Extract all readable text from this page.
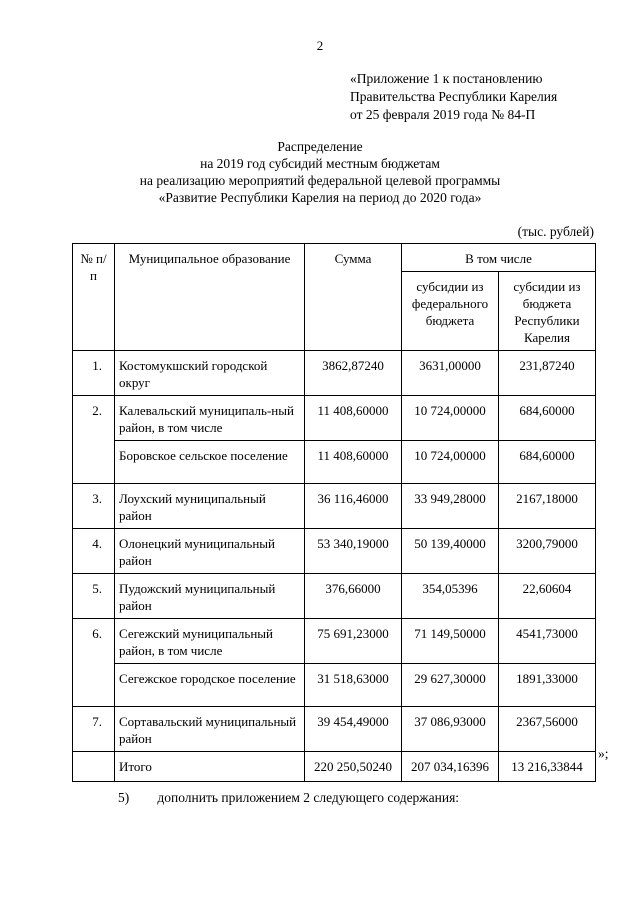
2
«Приложение 1 к постановлению
Правительства Республики Карелия
от 25 февраля 2019 года № 84-П
Распределение
на 2019 год субсидий местным бюджетам
на реализацию мероприятий федеральной целевой программы
«Развитие Республики Карелия на период до 2020 года»
(тыс. рублей)
№ п/п	Муниципальное образование	Сумма	В том числе	
			субсидии из федерального бюджета	субсидии из бюджета Республики Карелия
1.	Костомукшский городской округ	3862,87240	3631,00000	231,87240
2.	Калевальский муниципаль-ный район, в том числе	11 408,60000	10 724,00000	684,60000
	Боровское сельское поселение	11 408,60000	10 724,00000	684,60000
3.	Лоухский муниципальный район	36 116,46000	33 949,28000	2167,18000
4.	Олонецкий муниципальный район	53 340,19000	50 139,40000	3200,79000
5.	Пудожский муниципальный район	376,66000	354,05396	22,60604
6.	Сегежский муниципальный район, в том числе	75 691,23000	71 149,50000	4541,73000
	Сегежское городское поселение	31 518,63000	29 627,30000	1891,33000
7.	Сортавальский муниципальный район	39 454,49000	37 086,93000	2367,56000
	Итого	220 250,50240	207 034,16396	13 216,33844
»;
5) дополнить приложением 2 следующего содержания:
